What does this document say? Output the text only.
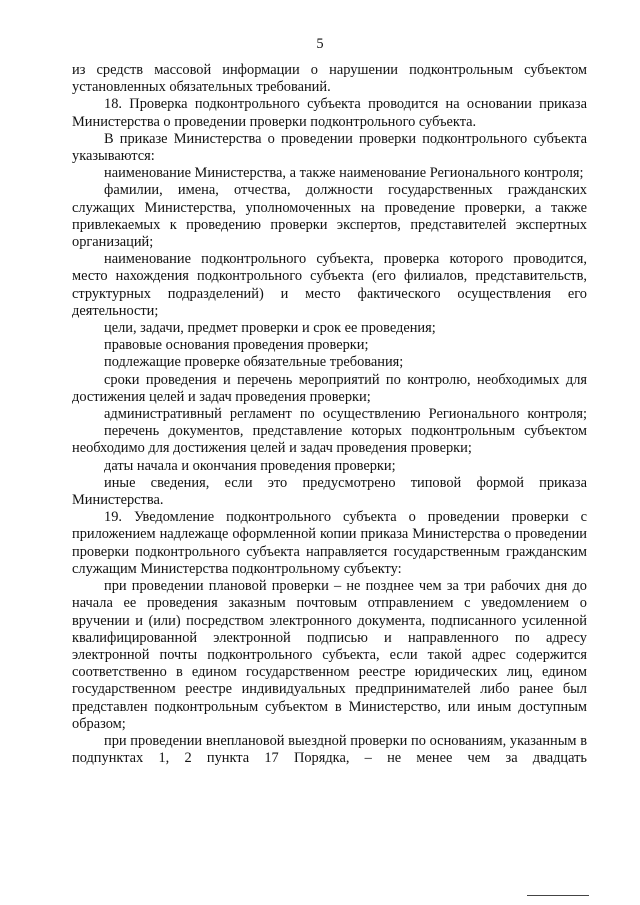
5

из средств массовой информации о нарушении подконтрольным субъектом установленных обязательных требований.

18. Проверка подконтрольного субъекта проводится на основании приказа Министерства о проведении проверки подконтрольного субъекта.

В приказе Министерства о проведении проверки подконтрольного субъекта указываются:

наименование Министерства, а также наименование Регионального контроля;

фамилии, имена, отчества, должности государственных гражданских служащих Министерства, уполномоченных на проведение проверки, а также привлекаемых к проведению проверки экспертов, представителей экспертных организаций;

наименование подконтрольного субъекта, проверка которого проводится, место нахождения подконтрольного субъекта (его филиалов, представительств, структурных подразделений) и место фактического осуществления его деятельности;

цели, задачи, предмет проверки и срок ее проведения;

правовые основания проведения проверки;

подлежащие проверке обязательные требования;

сроки проведения и перечень мероприятий по контролю, необходимых для достижения целей и задач проведения проверки;

административный регламент по осуществлению Регионального контроля;

перечень документов, представление которых подконтрольным субъектом необходимо для достижения целей и задач проведения проверки;

даты начала и окончания проведения проверки;

иные сведения, если это предусмотрено типовой формой приказа Министерства.

19. Уведомление подконтрольного субъекта о проведении проверки с приложением надлежаще оформленной копии приказа Министерства о проведении проверки подконтрольного субъекта направляется государственным гражданским служащим Министерства подконтрольному субъекту:

при проведении плановой проверки – не позднее чем за три рабочих дня до начала ее проведения заказным почтовым отправлением с уведомлением о вручении и (или) посредством электронного документа, подписанного усиленной квалифицированной электронной подписью и направленного по адресу электронной почты подконтрольного субъекта, если такой адрес содержится соответственно в едином государственном реестре юридических лиц, едином государственном реестре индивидуальных предпринимателей либо ранее был представлен подконтрольным субъектом в Министерство, или иным доступным образом;

при проведении внеплановой выездной проверки по основаниям, указанным в подпунктах 1, 2 пункта 17 Порядка, – не менее чем за двадцать
